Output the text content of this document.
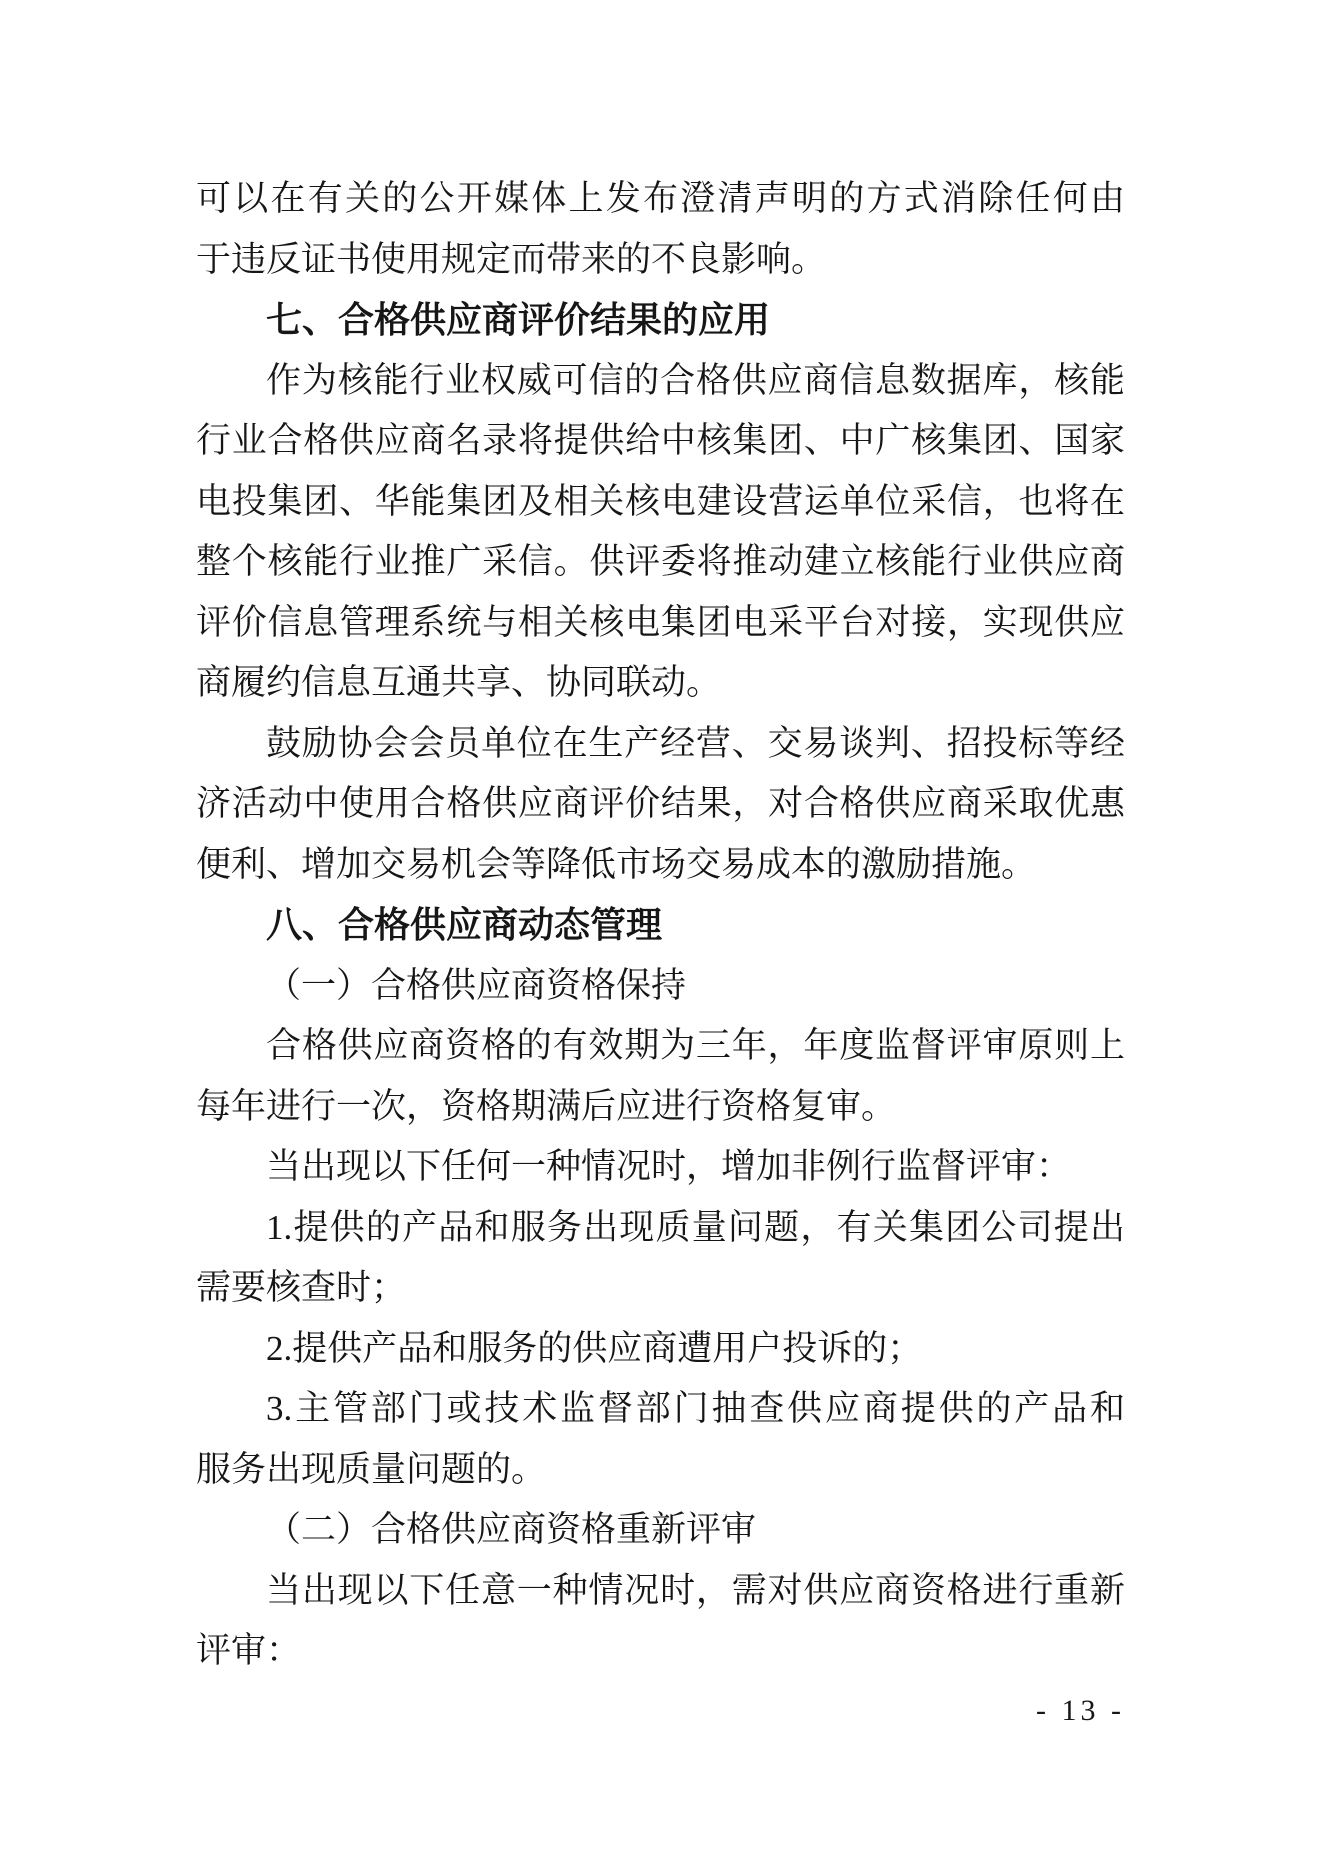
可以在有关的公开媒体上发布澄清声明的方式消除任何由
于违反证书使用规定而带来的不良影响。
七、合格供应商评价结果的应用
作为核能行业权威可信的合格供应商信息数据库，核能
行业合格供应商名录将提供给中核集团、中广核集团、国家
电投集团、华能集团及相关核电建设营运单位采信，也将在
整个核能行业推广采信。供评委将推动建立核能行业供应商
评价信息管理系统与相关核电集团电采平台对接，实现供应
商履约信息互通共享、协同联动。
鼓励协会会员单位在生产经营、交易谈判、招投标等经
济活动中使用合格供应商评价结果，对合格供应商采取优惠
便利、增加交易机会等降低市场交易成本的激励措施。
八、合格供应商动态管理
（一）合格供应商资格保持
合格供应商资格的有效期为三年，年度监督评审原则上
每年进行一次，资格期满后应进行资格复审。
当出现以下任何一种情况时，增加非例行监督评审：
1.提供的产品和服务出现质量问题，有关集团公司提出
需要核查时；
2.提供产品和服务的供应商遭用户投诉的；
3.主管部门或技术监督部门抽查供应商提供的产品和
服务出现质量问题的。
（二）合格供应商资格重新评审
当出现以下任意一种情况时，需对供应商资格进行重新
评审：
- 13 -
